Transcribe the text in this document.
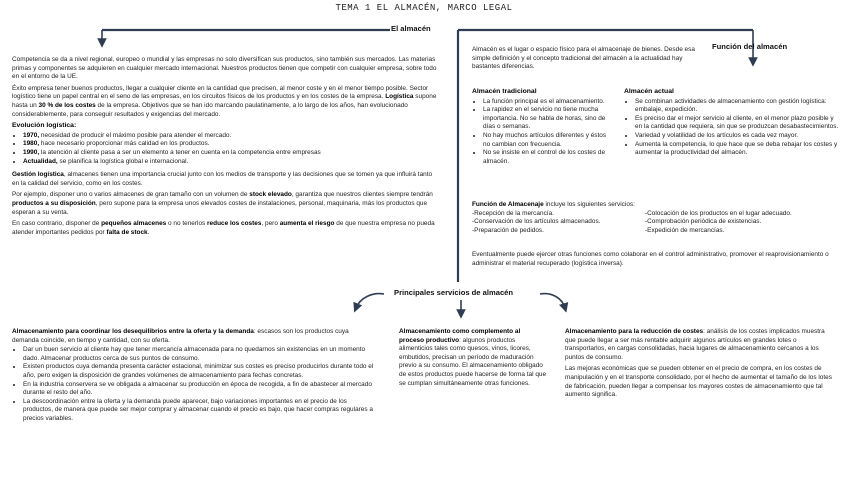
TEMA 1 EL ALMACÉN, MARCO LEGAL
El almacén
Función del almacén
Principales servicios de almacén

Competencia se da a nivel regional, europeo o mundial y las empresas no solo diversifican sus productos, sino también sus mercados. Las materias primas y componentes se adquieren en cualquier mercado internacional. Nuestros productos tienen que competir con cualquier empresa, sobre todo en el entorno de la UE.

Éxito empresa tener buenos productos, llegar a cualquier cliente en la cantidad que precisen, al menor coste y en el menor tiempo posible. Sector logístico tiene un papel central en el seno de las empresas, en los circuitos físicos de los productos y en los costes de la empresa. Logística supone hasta un 30 % de los costes de la empresa. Objetivos que se han ido marcando paulatinamente, a lo largo de los años, han evolucionado considerablemente, para conseguir resultados y exigencias del mercado.

Evolución logística:
• 1970, necesidad de producir el máximo posible para atender el mercado.
• 1980, hace necesario proporcionar más calidad en los productos.
• 1990, la atención al cliente pasa a ser un elemento a tener en cuenta en la competencia entre empresas
• Actualidad, se planifica la logística global e internacional.

Gestión logística, almacenes tienen una importancia crucial junto con los medios de transporte y las decisiones que se tomen ya que influirá tanto en la calidad del servicio, como en los costes.

Por ejemplo, disponer uno o varios almacenes de gran tamaño con un volumen de stock elevado, garantiza que nuestros clientes siempre tendrán productos a su disposición, pero supone para la empresa unos elevados costes de instalaciones, personal, maquinaria, más los productos que esperan a su venta.

En caso contrario, disponer de pequeños almacenes o no tenerlos reduce los costes, pero aumenta el riesgo de que nuestra empresa no pueda atender importantes pedidos por falta de stock.

Almacén es el lugar o espacio físico para el almacenaje de bienes. Desde esa simple definición y el concepto tradicional del almacén a la actualidad hay bastantes diferencias.
Almacén tradicional
• La función principal es el almacenamiento.
• La rapidez en el servicio no tiene mucha importancia. No se habla de horas, sino de días o semanas.
• No hay muchos artículos diferentes y éstos no cambian con frecuencia.
• No se insiste en el control de los costes de almacén.
Almacén actual
• Se combinan actividades de almacenamiento con gestión logística: embalaje, expedición.
• Es preciso dar el mejor servicio al cliente, en el menor plazo posible y en la cantidad que requiera, sin que se produzcan desabastecimientos.
• Variedad y volatilidad de los artículos es cada vez mayor.
• Aumenta la competencia, lo que hace que se deba rebajar los costes y aumentar la productividad del almacén.
Función de Almacenaje incluye los siguientes servicios:
-Recepción de la mercancía.
-Conservación de los artículos almacenados.
-Preparación de pedidos.
-Colocación de los productos en el lugar adecuado.
-Comprobación periódica de existencias.
-Expedición de mercancías.
Eventualmente puede ejercer otras funciones como colaborar en el control administrativo, promover el reaprovisionamiento o administrar el material recuperado (logística inversa).

Almacenamiento para coordinar los desequilibrios entre la oferta y la demanda: escasos son los productos cuya demanda coincide, en tiempo y cantidad, con su oferta.

• Dar un buen servicio al cliente hay que tener mercancía almacenada para no quedarnos sin existencias en un momento dado. Almacenar productos cerca de sus puntos de consumo.
• Existen productos cuya demanda presenta carácter estacional, minimizar sus costes es preciso producirlos durante todo el año, pero exigen la disposición de grandes volúmenes de almacenamiento para fechas concretas.
• En la industria conservera se ve obligada a almacenar su producción en época de recogida, a fin de abastecer al mercado durante el resto del año.
• La descoordinación entre la oferta y la demanda puede aparecer, bajo variaciones importantes en el precio de los productos, de manera que puede ser mejor comprar y almacenar cuando el precio es bajo, que hacer compras regulares a precios variables.

Almacenamiento como complemento al proceso productivo: algunos productos alimenticios tales como quesos, vinos, licores, embutidos, precisan un período de maduración previo a su consumo. El almacenamiento obligado de estos productos puede hacerse de forma tal que se cumplan simultáneamente otras funciones.

Almacenamiento para la reducción de costes: análisis de los costes implicados muestra que puede llegar a ser más rentable adquirir algunos artículos en grandes lotes o transportarlos, en cargas consolidadas, hacia lugares de almacenamiento cercanos a los puntos de consumo.

Las mejoras económicas que se pueden obtener en el precio de compra, en los costes de manipulación y en el transporte consolidado, por el hecho de aumentar el tamaño de los lotes de fabricación, pueden llegar a compensar los mayores costes de almacenamiento que tal aumento significa.
